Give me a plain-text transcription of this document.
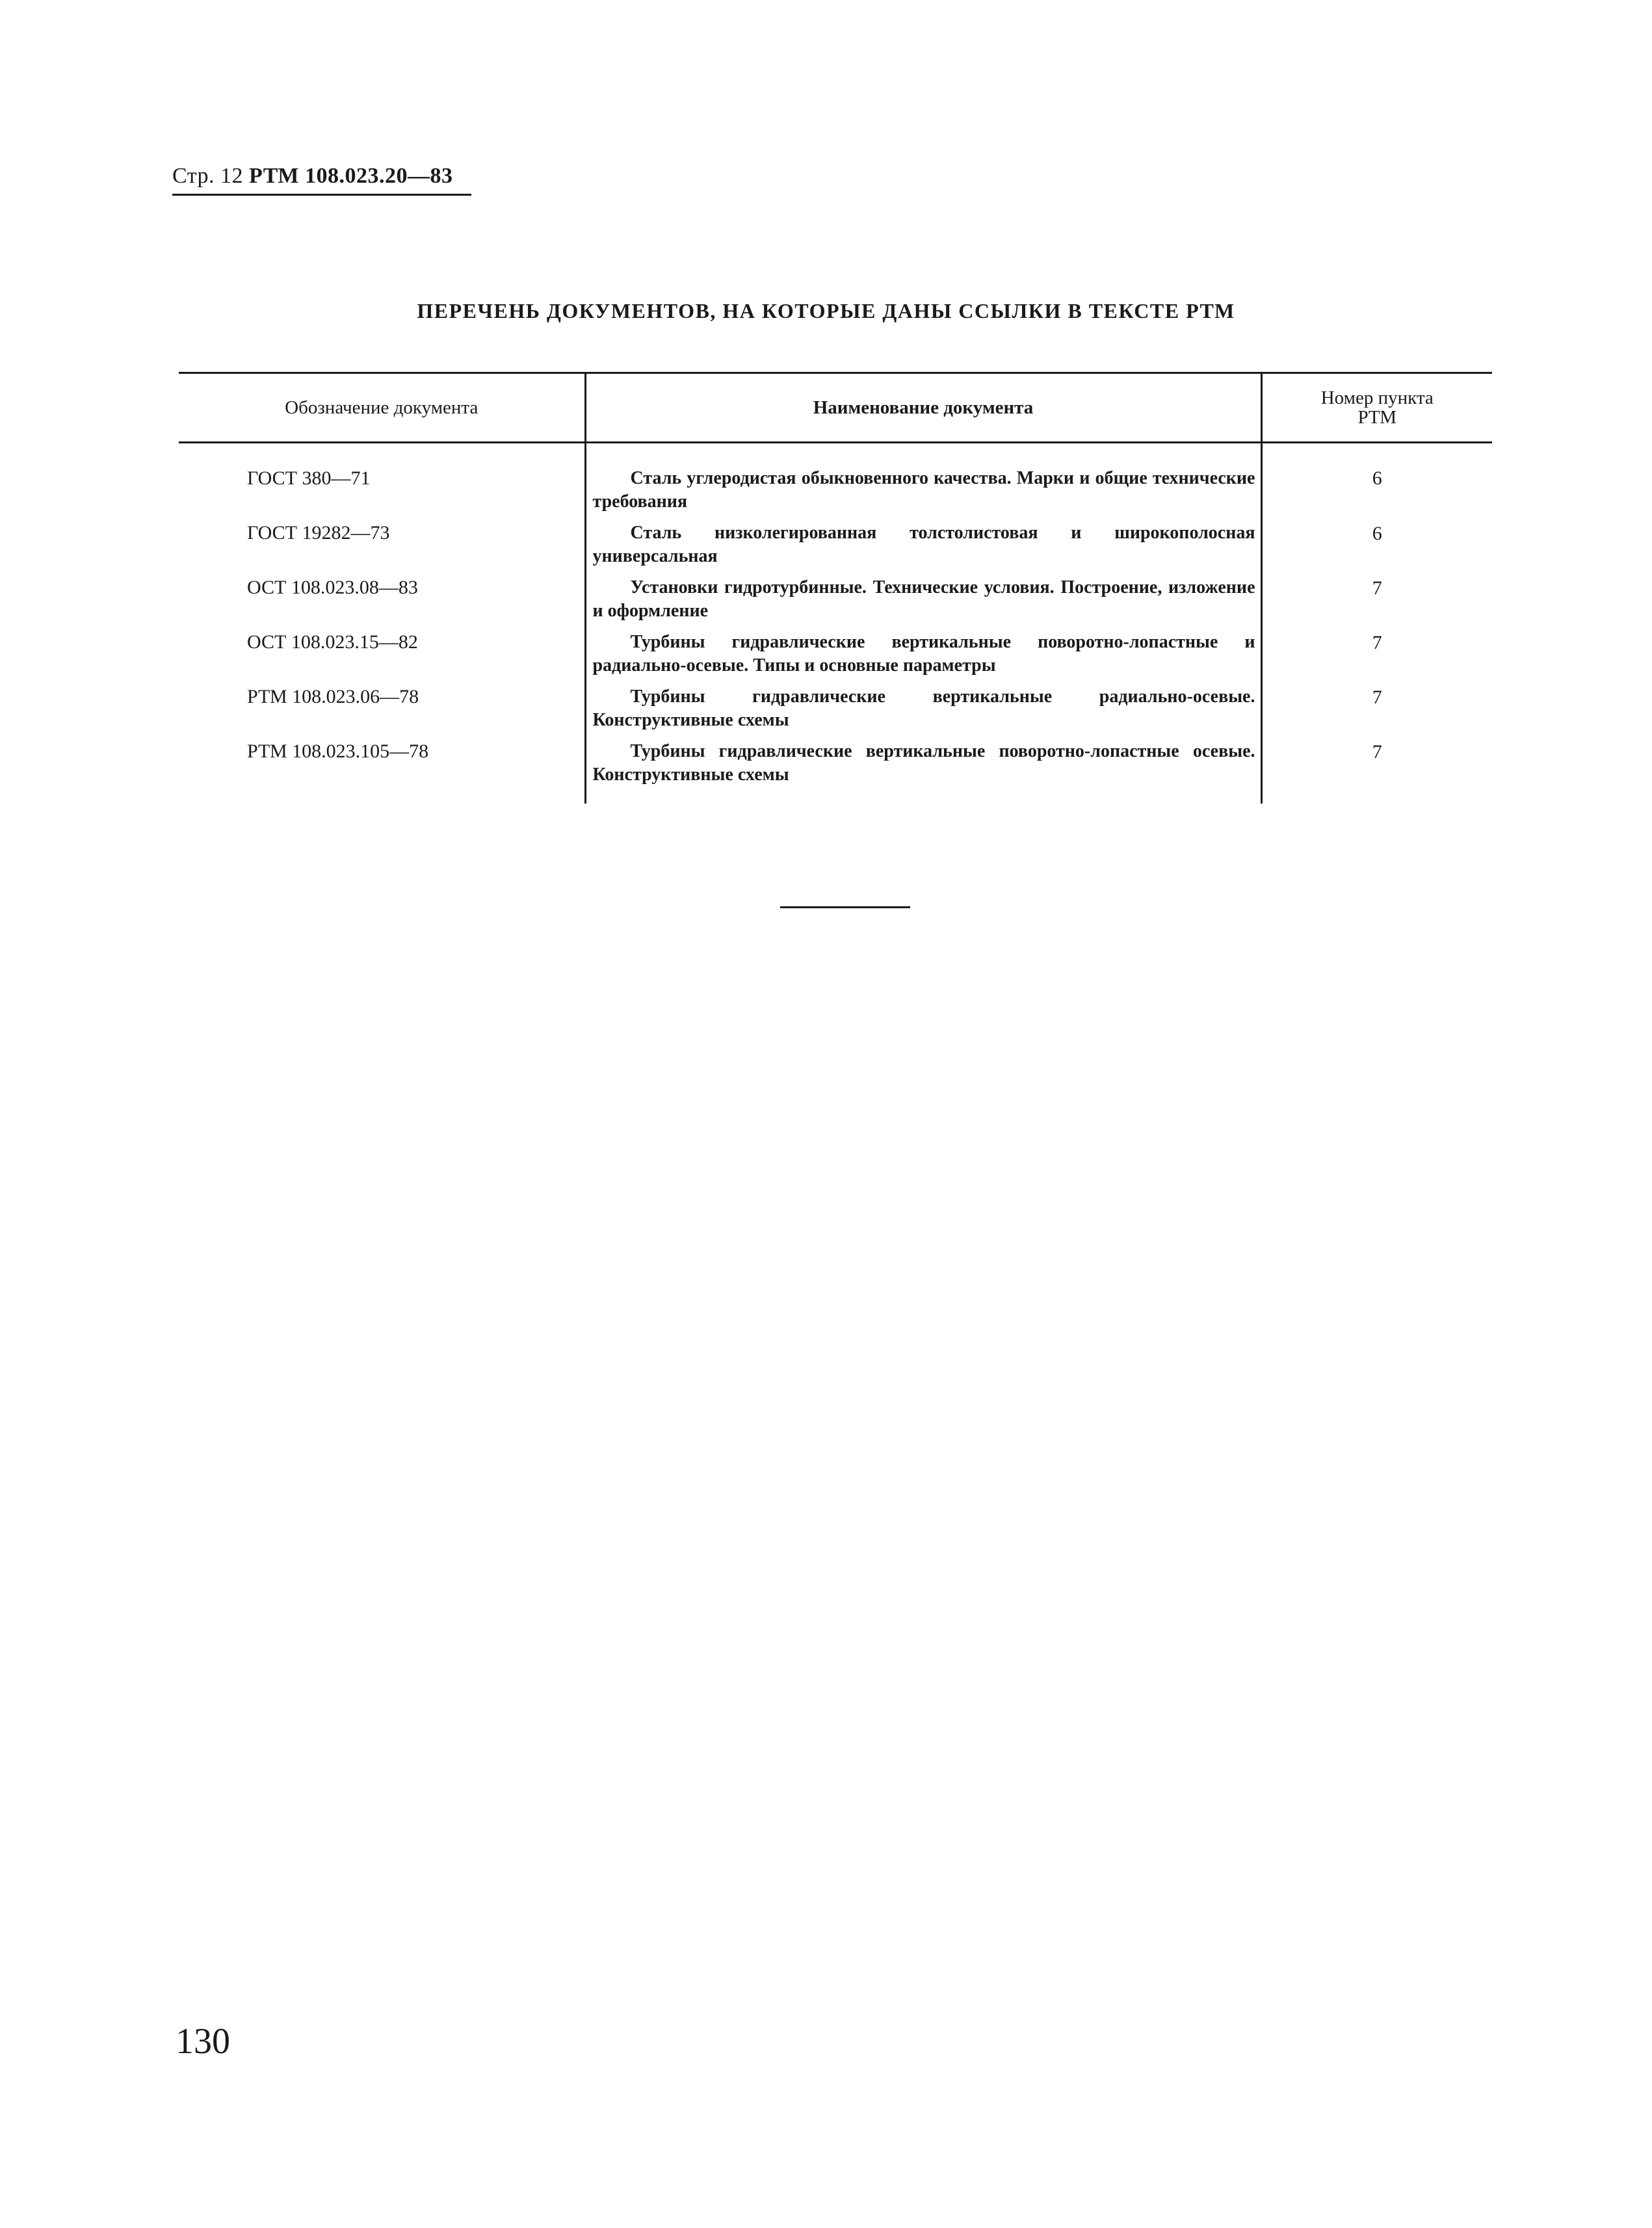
Стр. 12 РТМ 108.023.20—83
ПЕРЕЧЕНЬ ДОКУМЕНТОВ, НА КОТОРЫЕ ДАНЫ ССЫЛКИ В ТЕКСТЕ РТМ
Обозначение документа	Наименование документа	Номер пункта
РТМ

ГОСТ 380—71	Сталь углеродистая обыкновенного качества. Марки и общие технические требования	6
ГОСТ 19282—73	Сталь низколегированная толстолистовая и широкополосная универсальная	6
ОСТ 108.023.08—83	Установки гидротурбинные. Технические условия. Построение, изложение и оформление	7
ОСТ 108.023.15—82	Турбины гидравлические вертикальные поворотно-лопастные и радиально-осевые. Типы и основные параметры	7
РТМ 108.023.06—78	Турбины гидравлические вертикальные радиально-осевые. Конструктивные схемы	7
РТМ 108.023.105—78	Турбины гидравлические вертикальные поворотно-лопастные осевые. Конструктивные схемы	7
130
